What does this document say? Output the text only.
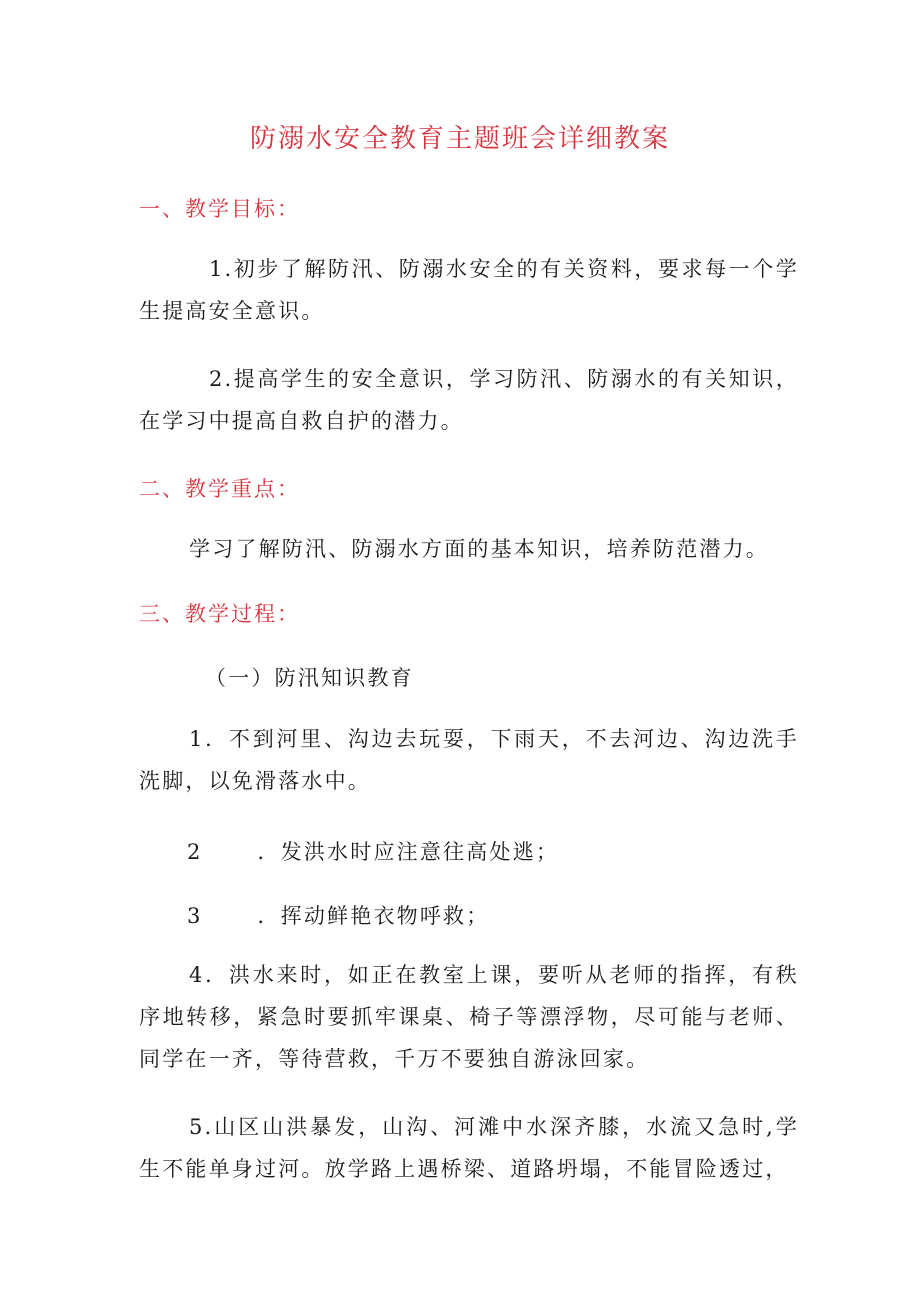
防溺水安全教育主题班会详细教案
一、教学目标：

1.初步了解防汛、防溺水安全的有关资料，要求每一个学生提高安全意识。

2.提高学生的安全意识，学习防汛、防溺水的有关知识，在学习中提高自救自护的潜力。

二、教学重点：

学习了解防汛、防溺水方面的基本知识，培养防范潜力。

三、教学过程：

（一）防汛知识教育

1．不到河里、沟边去玩耍，下雨天，不去河边、沟边洗手洗脚，以免滑落水中。

2	．发洪水时应注意往高处逃；

3	．挥动鲜艳衣物呼救；

4．洪水来时，如正在教室上课，要听从老师的指挥，有秩序地转移，紧急时要抓牢课桌、椅子等漂浮物，尽可能与老师、同学在一齐，等待营救，千万不要独自游泳回家。

5.山区山洪暴发，山沟、河滩中水深齐膝，水流又急时,学生不能单身过河。放学路上遇桥梁、道路坍塌，不能冒险透过，
